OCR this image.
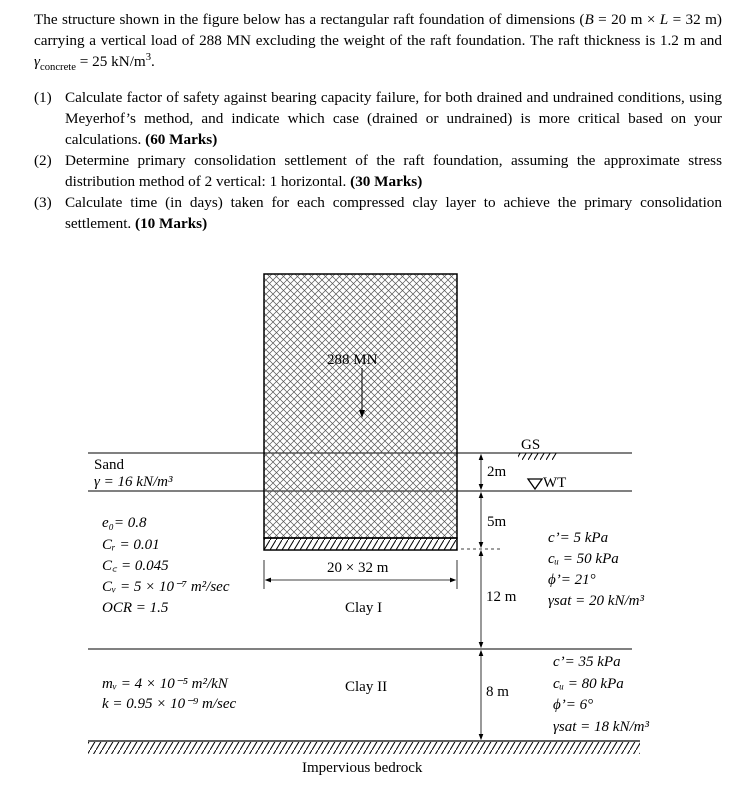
The structure shown in the figure below has a rectangular raft foundation of dimensions (B = 20 m × L = 32 m) carrying a vertical load of 288 MN excluding the weight of the raft foundation. The raft thickness is 1.2 m and $\gamma_{concrete} = 25$ $kN/m^3$.
(1) Calculate factor of safety against bearing capacity failure, for both drained and undrained conditions, using Meyerhof’s method, and indicate which case (drained or undrained) is more critical based on your calculations. (60 Marks)
(2) Determine primary consolidation settlement of the raft foundation, assuming the approximate stress distribution method of 2 vertical: 1 horizontal. (30 Marks)
(3) Calculate time (in days) taken for each compressed clay layer to achieve the primary consolidation settlement. (10 Marks)
288 MN
20 × 32 m
2m
5m
12 m
8 m
GS
WT
Sand
γ = 16 kN/m³
e₀= 0.8
Cᵣ = 0.01
C꜀ = 0.045
Cᵥ = 5 × 10⁻⁷ m²/sec
OCR = 1.5	Clay I
c’= 5 kPa
cᵤ = 50 kPa
ϕ’= 21°
γsat = 20 kN/m³
mᵥ = 4 × 10⁻⁵ m²/kN
k = 0.95 × 10⁻⁹ m/sec
Clay II
c’= 35 kPa
cᵤ = 80 kPa
ϕ’= 6°
γsat = 18 kN/m³
Impervious bedrock
